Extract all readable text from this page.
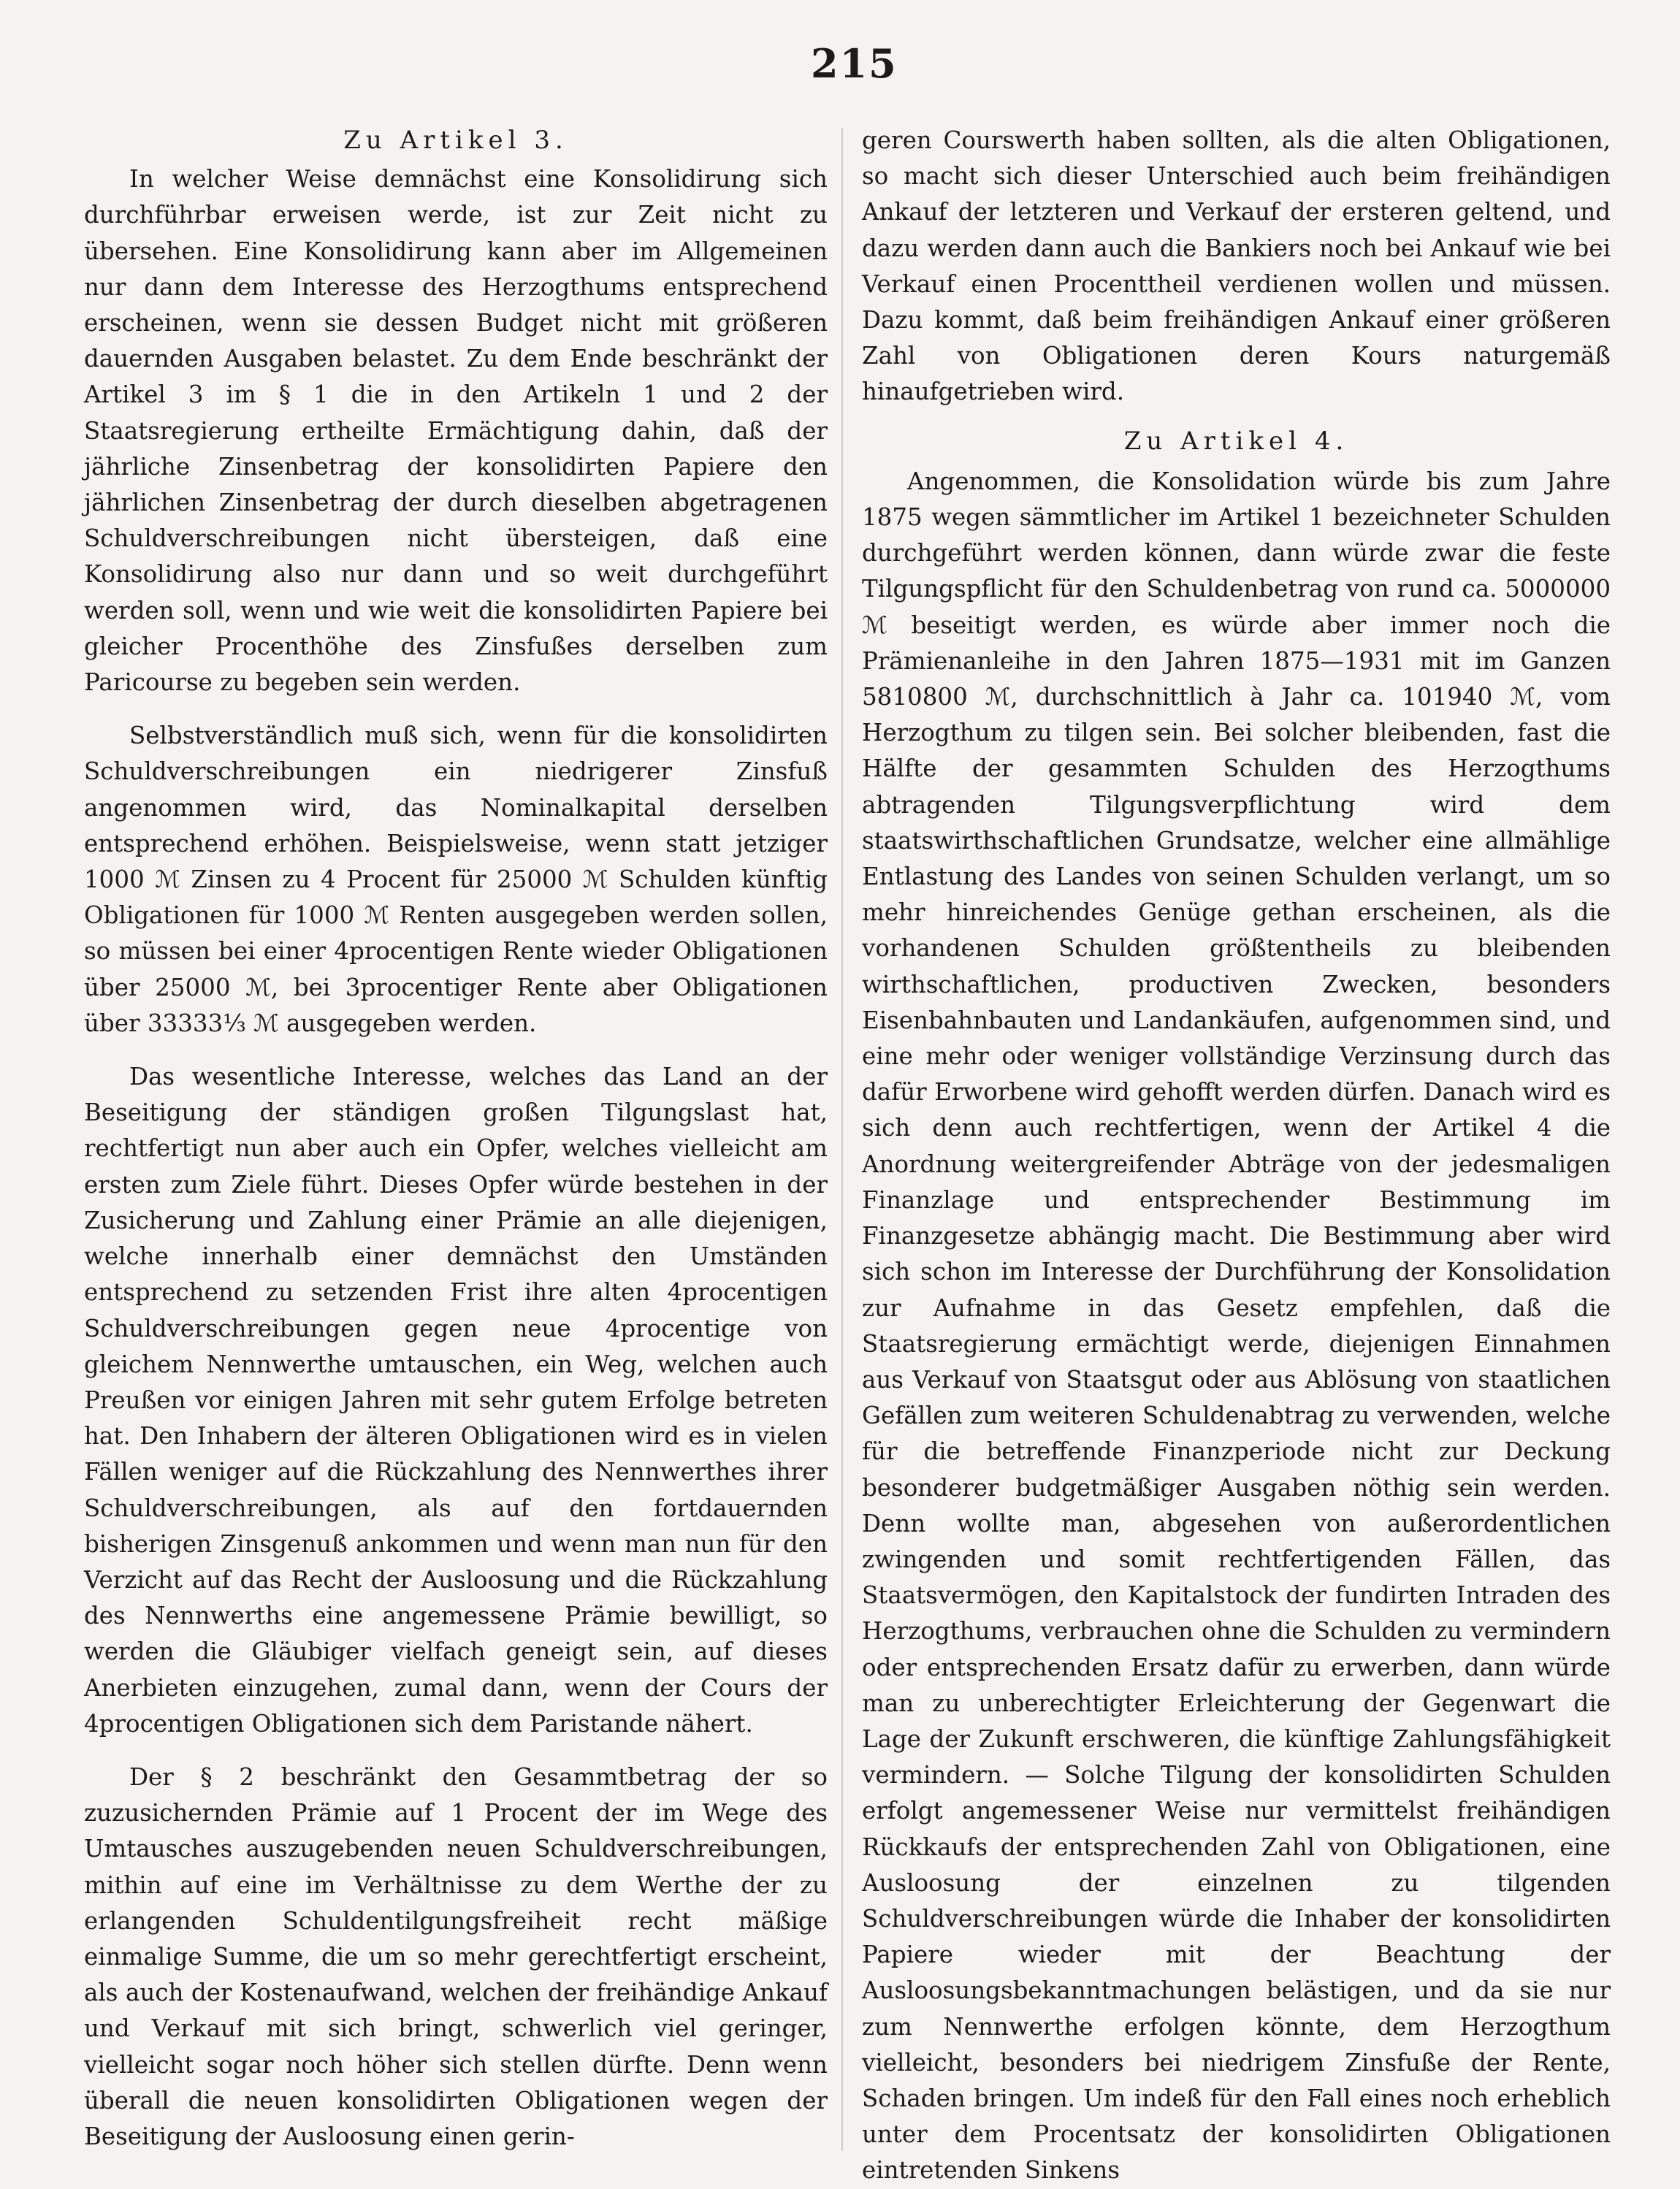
215
Zu Artikel 3.

In welcher Weise demnächst eine Konsolidirung sich durchführbar erweisen werde, ist zur Zeit nicht zu übersehen. Eine Konsolidirung kann aber im Allgemeinen nur dann dem Interesse des Herzogthums entsprechend erscheinen, wenn sie dessen Budget nicht mit größeren dauernden Ausgaben belastet. Zu dem Ende beschränkt der Artikel 3 im § 1 die in den Artikeln 1 und 2 der Staatsregierung ertheilte Ermächtigung dahin, daß der jährliche Zinsenbetrag der konsolidirten Papiere den jährlichen Zinsenbetrag der durch dieselben abgetragenen Schuldverschreibungen nicht übersteigen, daß eine Konsolidirung also nur dann und so weit durchgeführt werden soll, wenn und wie weit die konsolidirten Papiere bei gleicher Procenthöhe des Zinsfußes derselben zum Paricourse zu begeben sein werden.

Selbstverständlich muß sich, wenn für die konsolidirten Schuldverschreibungen ein niedrigerer Zinsfuß angenommen wird, das Nominalkapital derselben entsprechend erhöhen. Beispielsweise, wenn statt jetziger 1000 ℳ Zinsen zu 4 Procent für 25000 ℳ Schulden künftig Obligationen für 1000 ℳ Renten ausgegeben werden sollen, so müssen bei einer 4procentigen Rente wieder Obligationen über 25000 ℳ, bei 3procentiger Rente aber Obligationen über 33333⅓ ℳ ausgegeben werden.

Das wesentliche Interesse, welches das Land an der Beseitigung der ständigen großen Tilgungslast hat, rechtfertigt nun aber auch ein Opfer, welches vielleicht am ersten zum Ziele führt. Dieses Opfer würde bestehen in der Zusicherung und Zahlung einer Prämie an alle diejenigen, welche innerhalb einer demnächst den Umständen entsprechend zu setzenden Frist ihre alten 4procentigen Schuldverschreibungen gegen neue 4procentige von gleichem Nennwerthe umtauschen, ein Weg, welchen auch Preußen vor einigen Jahren mit sehr gutem Erfolge betreten hat. Den Inhabern der älteren Obligationen wird es in vielen Fällen weniger auf die Rückzahlung des Nennwerthes ihrer Schuldverschreibungen, als auf den fortdauernden bisherigen Zinsgenuß ankommen und wenn man nun für den Verzicht auf das Recht der Ausloosung und die Rückzahlung des Nennwerths eine angemessene Prämie bewilligt, so werden die Gläubiger vielfach geneigt sein, auf dieses Anerbieten einzugehen, zumal dann, wenn der Cours der 4procentigen Obligationen sich dem Paristande nähert.

Der § 2 beschränkt den Gesammtbetrag der so zuzusichernden Prämie auf 1 Procent der im Wege des Umtausches auszugebenden neuen Schuldverschreibungen, mithin auf eine im Verhältnisse zu dem Werthe der zu erlangenden Schuldentilgungsfreiheit recht mäßige einmalige Summe, die um so mehr gerechtfertigt erscheint, als auch der Kostenaufwand, welchen der freihändige Ankauf und Verkauf mit sich bringt, schwerlich viel geringer, vielleicht sogar noch höher sich stellen dürfte. Denn wenn überall die neuen konsolidirten Obligationen wegen der Beseitigung der Ausloosung einen gerin-

geren Courswerth haben sollten, als die alten Obligationen, so macht sich dieser Unterschied auch beim freihändigen Ankauf der letzteren und Verkauf der ersteren geltend, und dazu werden dann auch die Bankiers noch bei Ankauf wie bei Verkauf einen Procenttheil verdienen wollen und müssen. Dazu kommt, daß beim freihändigen Ankauf einer größeren Zahl von Obligationen deren Kours naturgemäß hinaufgetrieben wird.

Zu Artikel 4.

Angenommen, die Konsolidation würde bis zum Jahre 1875 wegen sämmtlicher im Artikel 1 bezeichneter Schulden durchgeführt werden können, dann würde zwar die feste Tilgungspflicht für den Schuldenbetrag von rund ca. 5000000 ℳ beseitigt werden, es würde aber immer noch die Prämienanleihe in den Jahren 1875—1931 mit im Ganzen 5810800 ℳ, durchschnittlich à Jahr ca. 101940 ℳ, vom Herzogthum zu tilgen sein. Bei solcher bleibenden, fast die Hälfte der gesammten Schulden des Herzogthums abtragenden Tilgungsverpflichtung wird dem staatswirthschaftlichen Grundsatze, welcher eine allmählige Entlastung des Landes von seinen Schulden verlangt, um so mehr hinreichendes Genüge gethan erscheinen, als die vorhandenen Schulden größtentheils zu bleibenden wirthschaftlichen, productiven Zwecken, besonders Eisenbahnbauten und Landankäufen, aufgenommen sind, und eine mehr oder weniger vollständige Verzinsung durch das dafür Erworbene wird gehofft werden dürfen. Danach wird es sich denn auch rechtfertigen, wenn der Artikel 4 die Anordnung weitergreifender Abträge von der jedesmaligen Finanzlage und entsprechender Bestimmung im Finanzgesetze abhängig macht. Die Bestimmung aber wird sich schon im Interesse der Durchführung der Konsolidation zur Aufnahme in das Gesetz empfehlen, daß die Staatsregierung ermächtigt werde, diejenigen Einnahmen aus Verkauf von Staatsgut oder aus Ablösung von staatlichen Gefällen zum weiteren Schuldenabtrag zu verwenden, welche für die betreffende Finanzperiode nicht zur Deckung besonderer budgetmäßiger Ausgaben nöthig sein werden. Denn wollte man, abgesehen von außerordentlichen zwingenden und somit rechtfertigenden Fällen, das Staatsvermögen, den Kapitalstock der fundirten Intraden des Herzogthums, verbrauchen ohne die Schulden zu vermindern oder entsprechenden Ersatz dafür zu erwerben, dann würde man zu unberechtigter Erleichterung der Gegenwart die Lage der Zukunft erschweren, die künftige Zahlungsfähigkeit vermindern. — Solche Tilgung der konsolidirten Schulden erfolgt angemessener Weise nur vermittelst freihändigen Rückkaufs der entsprechenden Zahl von Obligationen, eine Ausloosung der einzelnen zu tilgenden Schuldverschreibungen würde die Inhaber der konsolidirten Papiere wieder mit der Beachtung der Ausloosungsbekanntmachungen belästigen, und da sie nur zum Nennwerthe erfolgen könnte, dem Herzogthum vielleicht, besonders bei niedrigem Zinsfuße der Rente, Schaden bringen. Um indeß für den Fall eines noch erheblich unter dem Procentsatz der konsolidirten Obligationen eintretenden Sinkens
